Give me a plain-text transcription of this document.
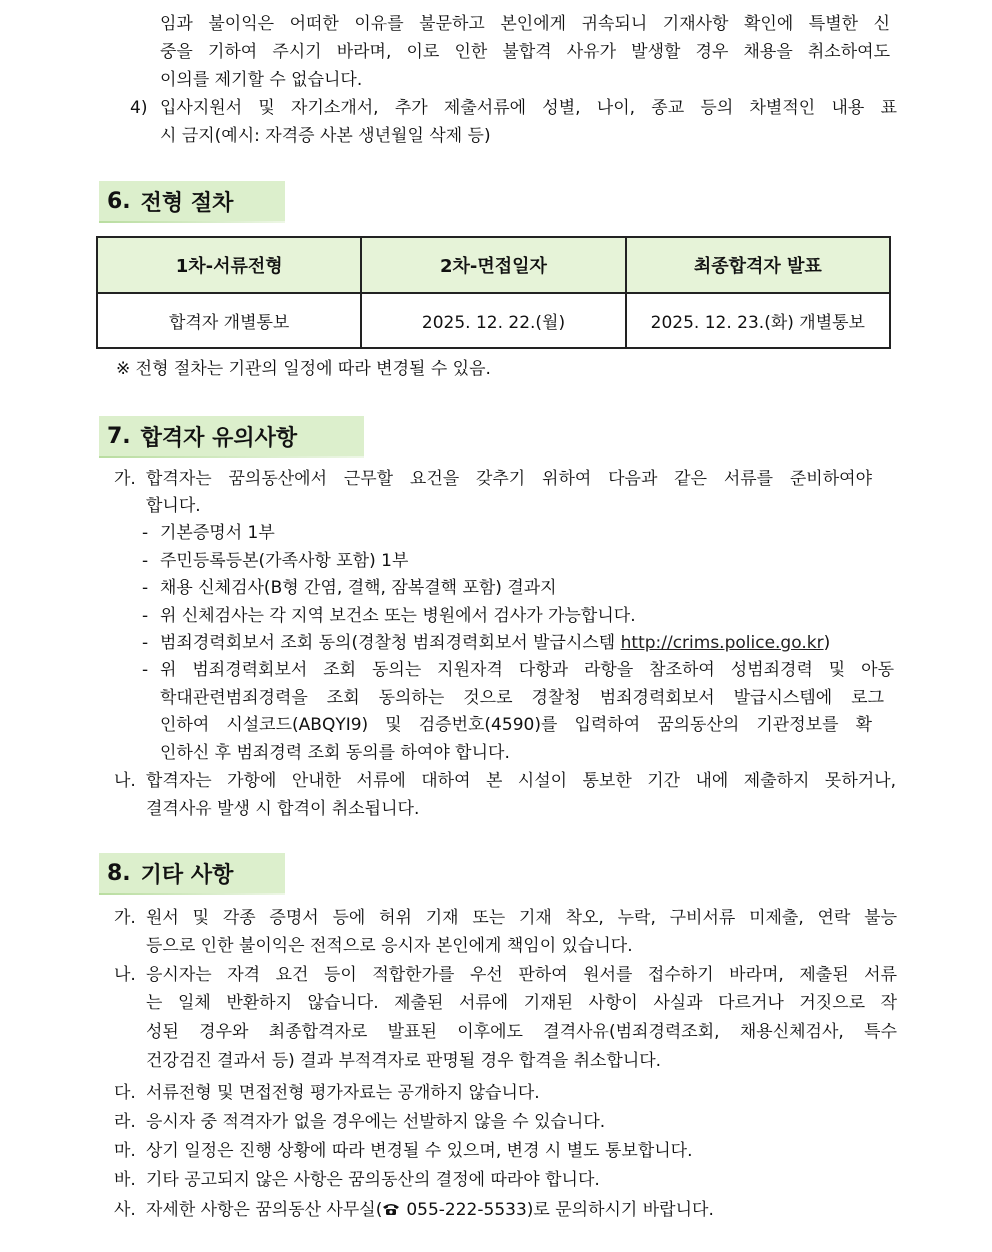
임과 불이익은 어떠한 이유를 불문하고 본인에게 귀속되니 기재사항 확인에 특별한 신
중을 기하여 주시기 바라며, 이로 인한 불합격 사유가 발생할 경우 채용을 취소하여도
이의를 제기할 수 없습니다.
4) 입사지원서 및 자기소개서, 추가 제출서류에 성별, 나이, 종교 등의 차별적인 내용 표
시 금지(예시: 자격증 사본 생년월일 삭제 등)
6. 전형 절차
1차-서류전형	2차-면접일자	최종합격자 발표
합격자 개별통보	2025. 12. 22.(월)	2025. 12. 23.(화) 개별통보
※ 전형 절차는 기관의 일정에 따라 변경될 수 있음.
7. 합격자 유의사항
가. 합격자는 꿈의동산에서 근무할 요건을 갖추기 위하여 다음과 같은 서류를 준비하여야
합니다.
- 기본증명서 1부
- 주민등록등본(가족사항 포함) 1부
- 채용 신체검사(B형 간염, 결핵, 잠복결핵 포함) 결과지
- 위 신체검사는 각 지역 보건소 또는 병원에서 검사가 가능합니다.
- 범죄경력회보서 조회 동의(경찰청 범죄경력회보서 발급시스템 http://crims.police.go.kr)
- 위 범죄경력회보서 조회 동의는 지원자격 다항과 라항을 참조하여 성범죄경력 및 아동
학대관련범죄경력을 조회 동의하는 것으로 경찰청 범죄경력회보서 발급시스템에 로그
인하여 시설코드(ABQYI9) 및 검증번호(4590)를 입력하여 꿈의동산의 기관정보를 확
인하신 후 범죄경력 조회 동의를 하여야 합니다.
나. 합격자는 가항에 안내한 서류에 대하여 본 시설이 통보한 기간 내에 제출하지 못하거나,
결격사유 발생 시 합격이 취소됩니다.
8. 기타 사항
가. 원서 및 각종 증명서 등에 허위 기재 또는 기재 착오, 누락, 구비서류 미제출, 연락 불능
등으로 인한 불이익은 전적으로 응시자 본인에게 책임이 있습니다.
나. 응시자는 자격 요건 등이 적합한가를 우선 판하여 원서를 접수하기 바라며, 제출된 서류
는 일체 반환하지 않습니다. 제출된 서류에 기재된 사항이 사실과 다르거나 거짓으로 작
성된 경우와 최종합격자로 발표된 이후에도 결격사유(범죄경력조회, 채용신체검사, 특수
건강검진 결과서 등) 결과 부적격자로 판명될 경우 합격을 취소합니다.
다. 서류전형 및 면접전형 평가자료는 공개하지 않습니다.
라. 응시자 중 적격자가 없을 경우에는 선발하지 않을 수 있습니다.
마. 상기 일정은 진행 상황에 따라 변경될 수 있으며, 변경 시 별도 통보합니다.
바. 기타 공고되지 않은 사항은 꿈의동산의 결정에 따라야 합니다.
사. 자세한 사항은 꿈의동산 사무실( 055-222-5533)로 문의하시기 바랍니다.
